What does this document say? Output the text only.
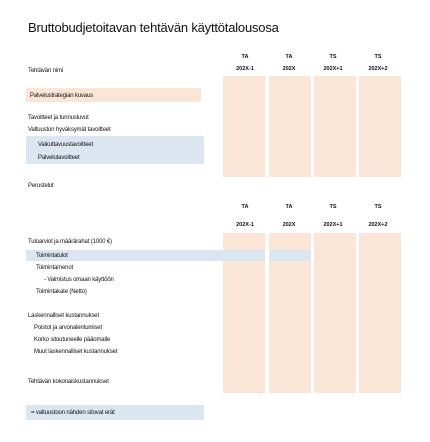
Bruttobudjetoitavan tehtävän käyttötalousosa
TA	TA	TS	TS
202X-1	202X	202X+1	202X+2
Tehtävän nimi
Palvelustrategian kuvaus
Tavoitteet ja tunnusluvut
Valtuuston hyväksymät tavoitteet
Vaikuttavuustavoitteet
Palvelutavoitteet
Perustelut
TA	TA	TS	TS
202X-1	202X	202X+1	202X+2
Tuloarviot ja määrärahat (1000 €)
Toimintatulot
Toimintamenot
- Valmistus omaan käyttöön
Toimintakate (Netto)
Laskennalliset kustannukset
Poistot ja arvonalentumiset
Korko sitoutuneelle pääomalle
Muut laskennalliset kustannukset
Tehtävän kokonaiskustannukset
= valtuustoon nähden sitovat erät
